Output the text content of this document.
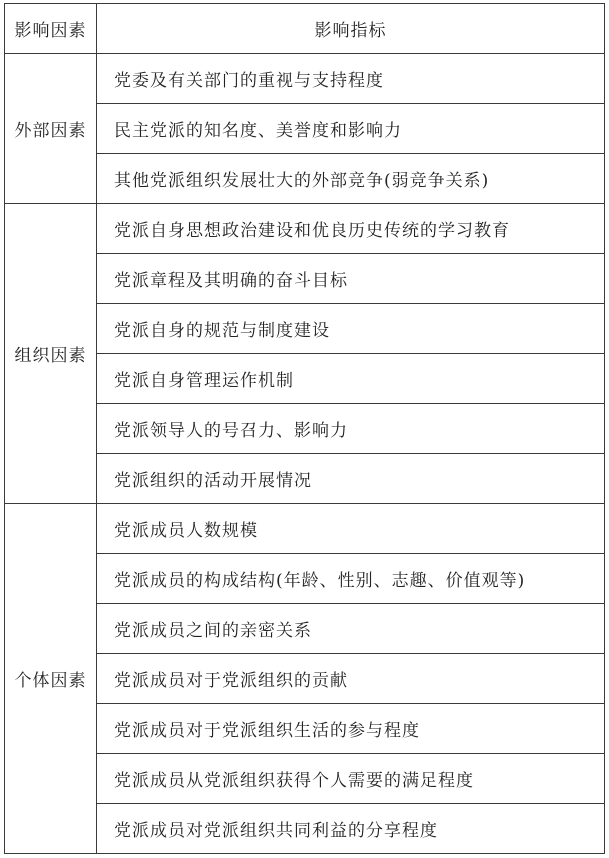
影响因素	影响指标
外部因素	党委及有关部门的重视与支持程度
	民主党派的知名度、美誉度和影响力
	其他党派组织发展壮大的外部竞争(弱竞争关系)
组织因素	党派自身思想政治建设和优良历史传统的学习教育
	党派章程及其明确的奋斗目标
	党派自身的规范与制度建设
	党派自身管理运作机制
	党派领导人的号召力、影响力
	党派组织的活动开展情况
个体因素	党派成员人数规模
	党派成员的构成结构(年龄、性别、志趣、价值观等)
	党派成员之间的亲密关系
	党派成员对于党派组织的贡献
	党派成员对于党派组织生活的参与程度
	党派成员从党派组织获得个人需要的满足程度
	党派成员对党派组织共同利益的分享程度
